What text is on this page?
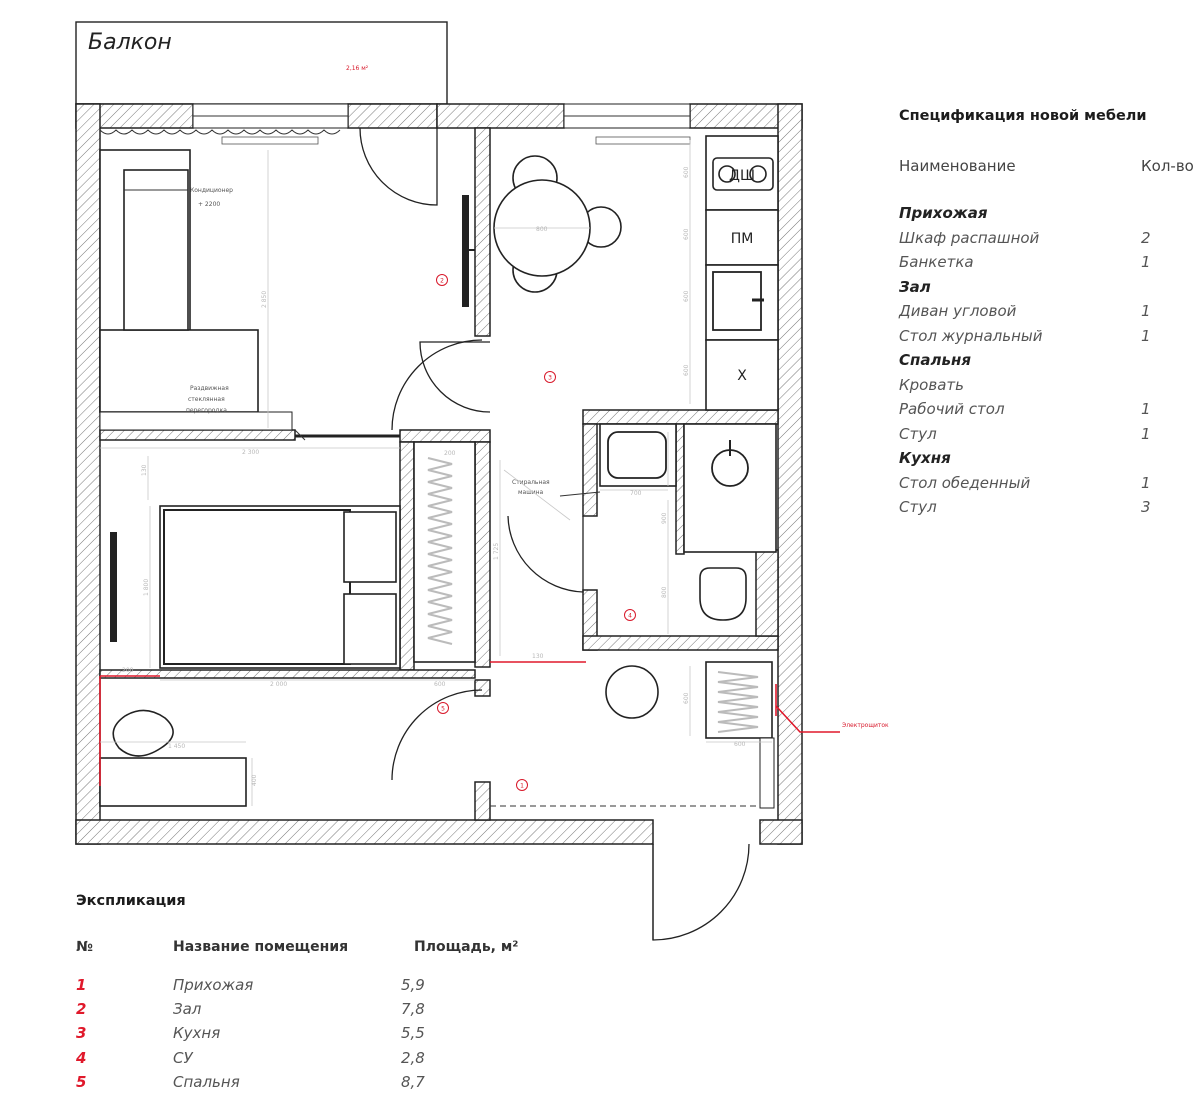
2,16 м²
800
ДШ
ПМ
Х
Стиральная
машина
Электрощиток
200
130
2 850
2 300
130
1 800
2 000	600
1 725
1 450
400
200
600
600
600
600
700
900
800
600
600
Кондиционер
+ 2200
Раздвижная
стеклянная
перегородка
1
2
3
4
5
Балкон
Спецификация новой мебели
Наименование	Кол-во
Прихожая
Шкаф распашной	2
Банкетка	1
Зал
Диван угловой	1
Стол журнальный	1
Спальня
Кровать
Рабочий стол	1
Стул	1
Кухня
Стол обеденный	1
Стул	3
Экспликация
№	Название помещения	Площадь, м²
1	Прихожая	5,9
2	Зал	7,8
3	Кухня	5,5
4	СУ	2,8
5	Спальня	8,7
